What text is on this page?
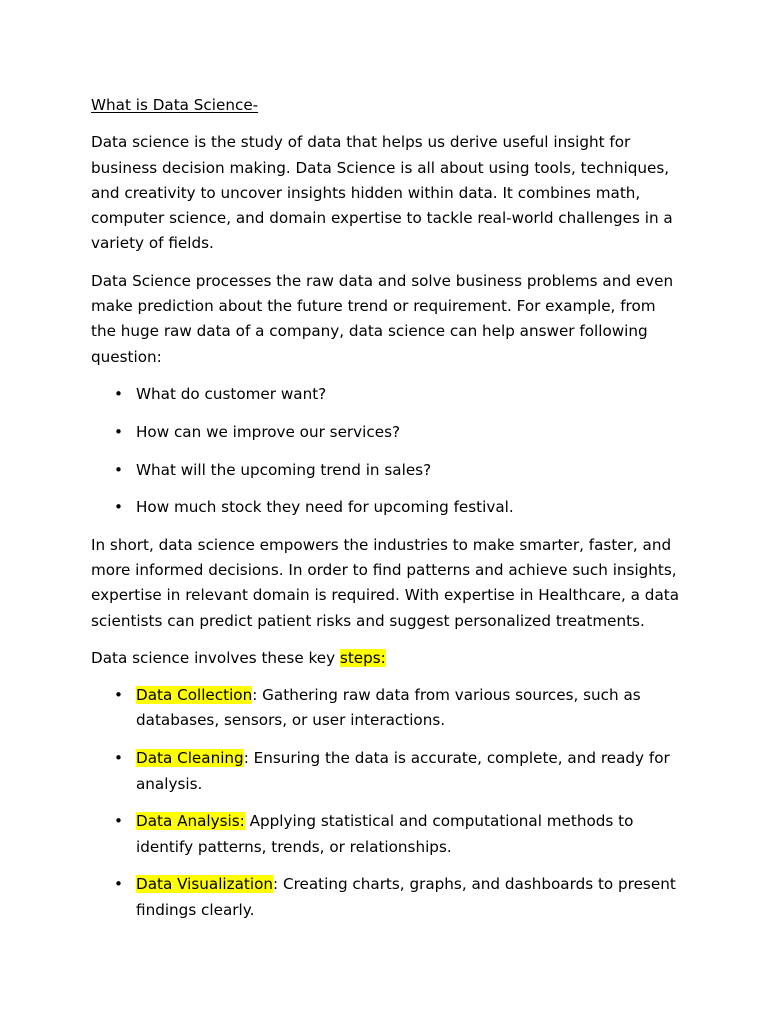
What is Data Science-

Data science is the study of data that helps us derive useful insight for business decision making. Data Science is all about using tools, techniques, and creativity to uncover insights hidden within data. It combines math, computer science, and domain expertise to tackle real-world challenges in a variety of fields.

Data Science processes the raw data and solve business problems and even make prediction about the future trend or requirement. For example, from the huge raw data of a company, data science can help answer following question:

• What do customer want?
• How can we improve our services?
• What will the upcoming trend in sales?
• How much stock they need for upcoming festival.

In short, data science empowers the industries to make smarter, faster, and more informed decisions. In order to find patterns and achieve such insights, expertise in relevant domain is required. With expertise in Healthcare, a data scientists can predict patient risks and suggest personalized treatments.

Data science involves these key steps:

• Data Collection: Gathering raw data from various sources, such as databases, sensors, or user interactions.
• Data Cleaning: Ensuring the data is accurate, complete, and ready for analysis.
• Data Analysis: Applying statistical and computational methods to identify patterns, trends, or relationships.
• Data Visualization: Creating charts, graphs, and dashboards to present findings clearly.
